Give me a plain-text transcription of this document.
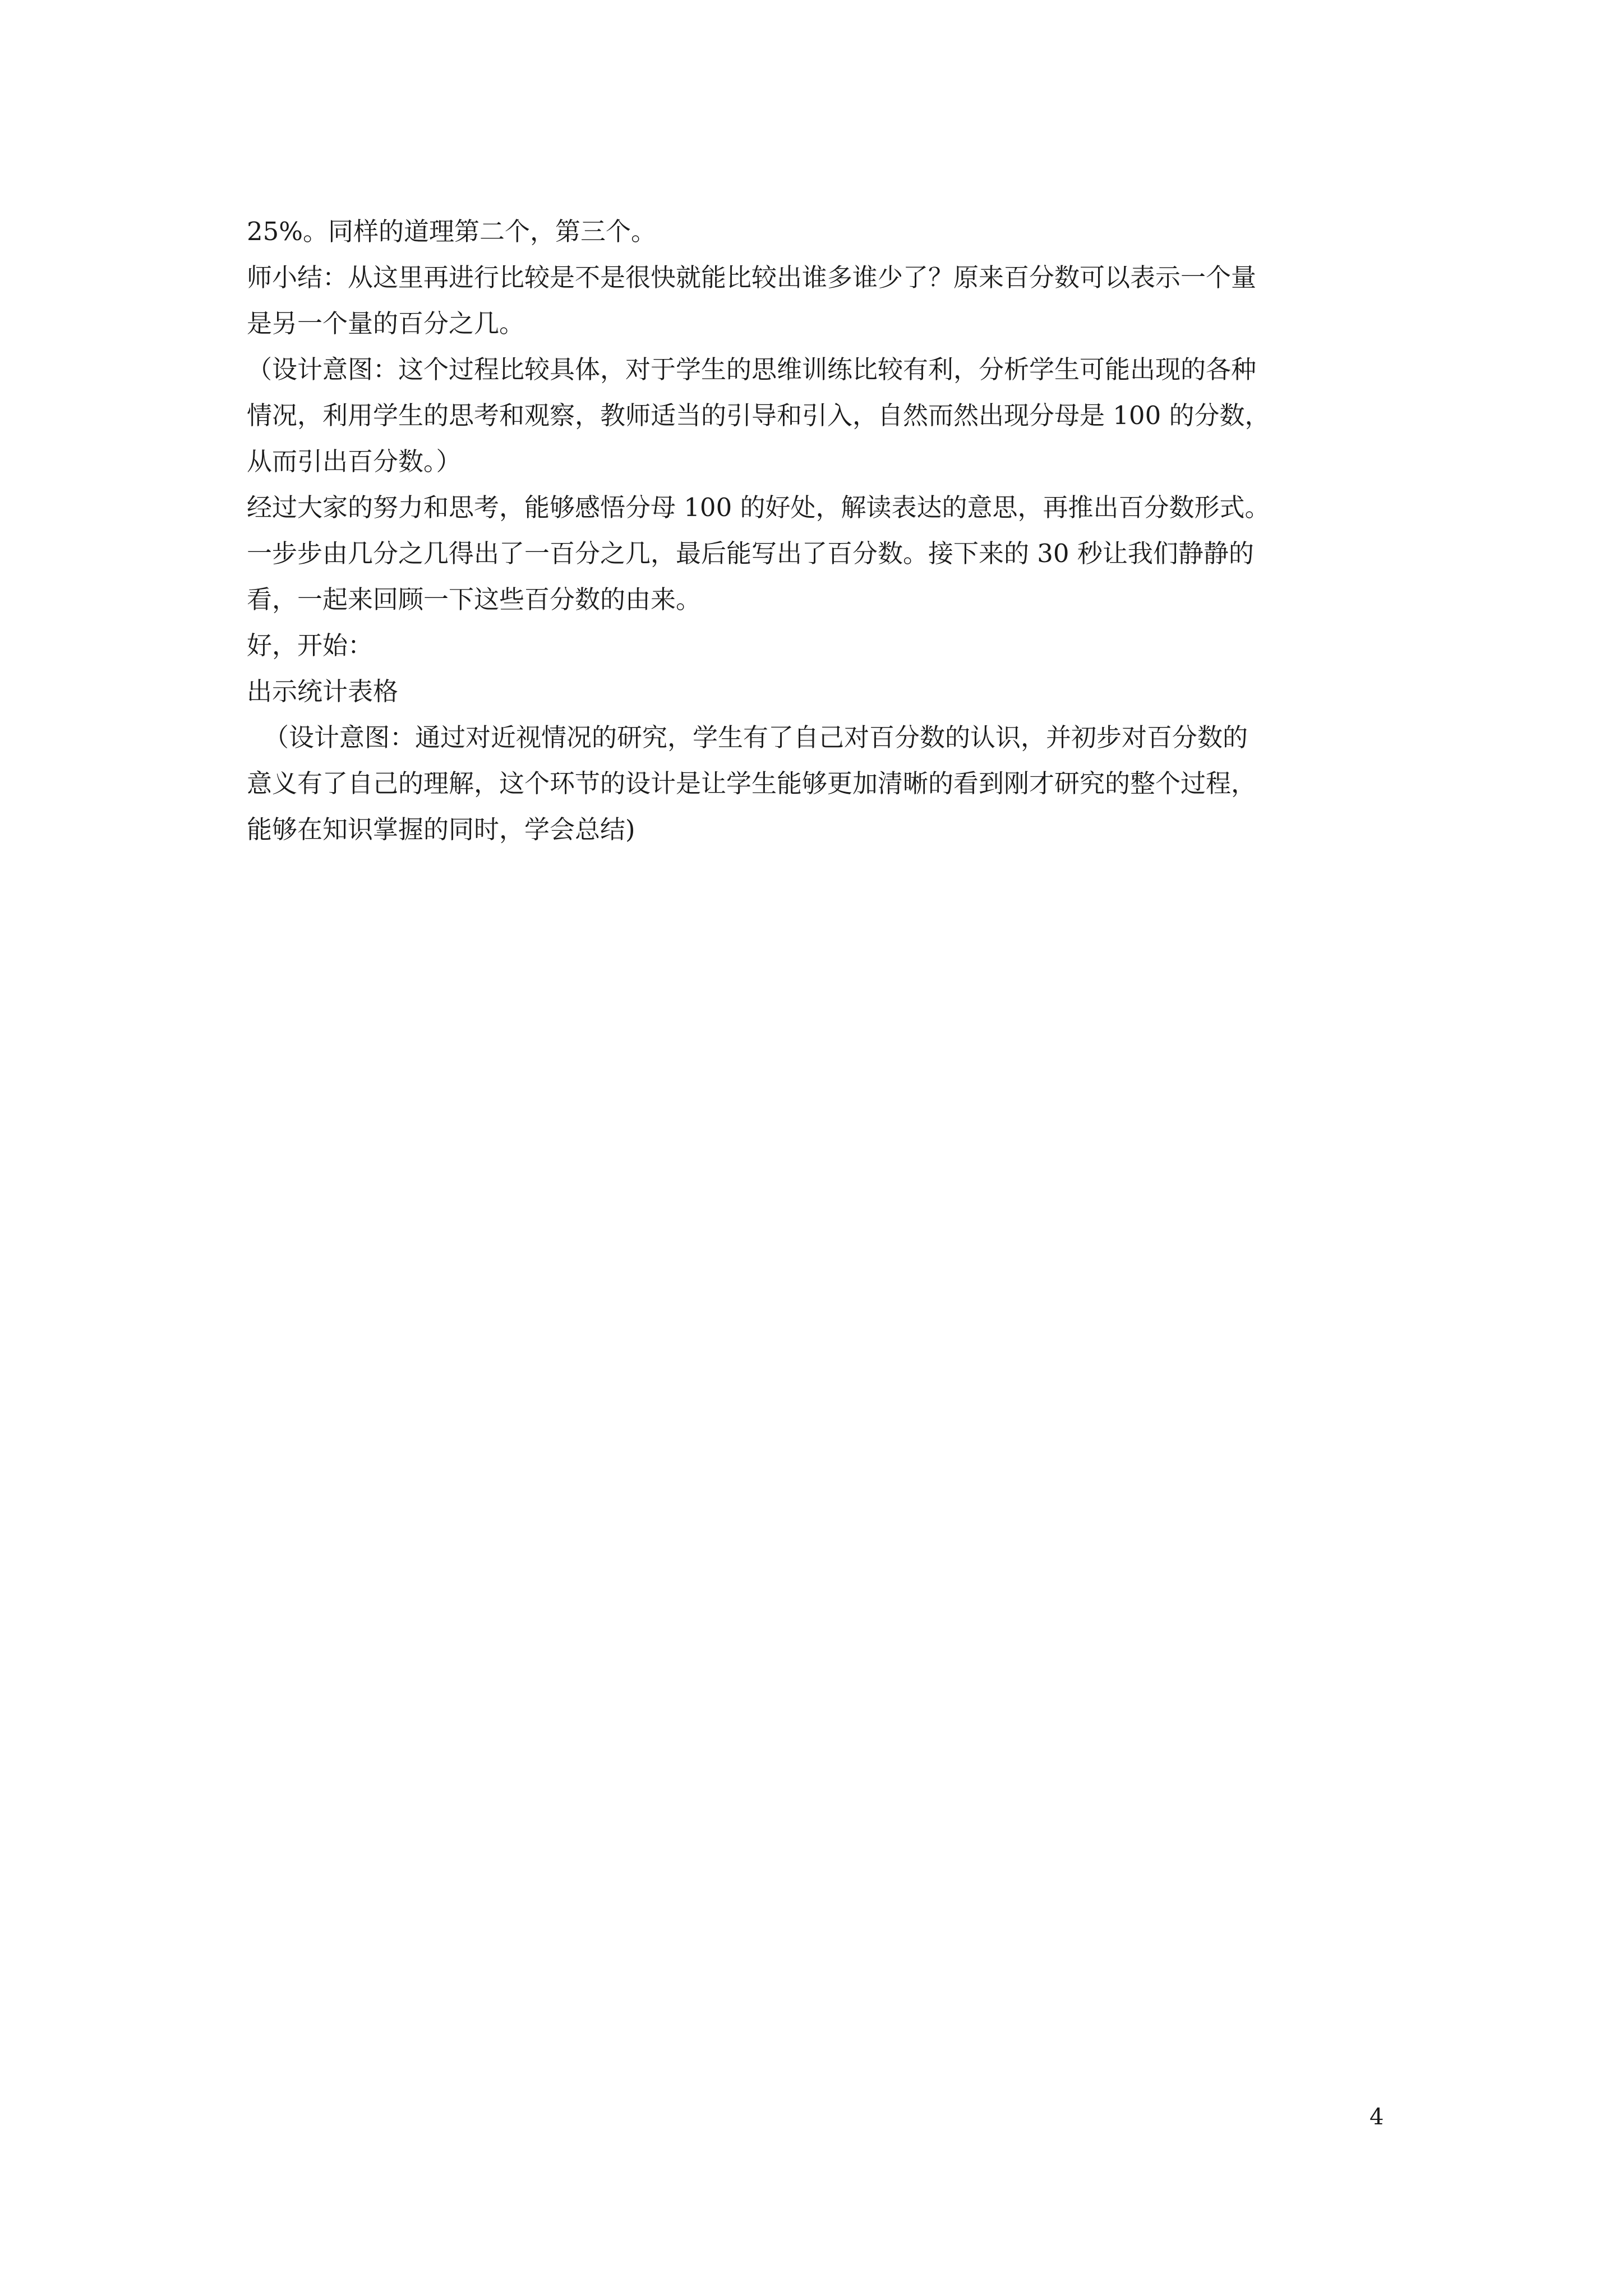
25%。同样的道理第二个，第三个。

师小结：从这里再进行比较是不是很快就能比较出谁多谁少了？原来百分数可以表示一个量

是另一个量的百分之几。

（设计意图：这个过程比较具体，对于学生的思维训练比较有利，分析学生可能出现的各种

情况，利用学生的思考和观察，教师适当的引导和引入，自然而然出现分母是 100 的分数，

从而引出百分数。）

经过大家的努力和思考，能够感悟分母 100 的好处，解读表达的意思，再推出百分数形式。

一步步由几分之几得出了一百分之几，最后能写出了百分数。接下来的 30 秒让我们静静的

看，一起来回顾一下这些百分数的由来。

好，开始：

出示统计表格

（设计意图：通过对近视情况的研究，学生有了自己对百分数的认识，并初步对百分数的

意义有了自己的理解，这个环节的设计是让学生能够更加清晰的看到刚才研究的整个过程，

能够在知识掌握的同时，学会总结)

4
